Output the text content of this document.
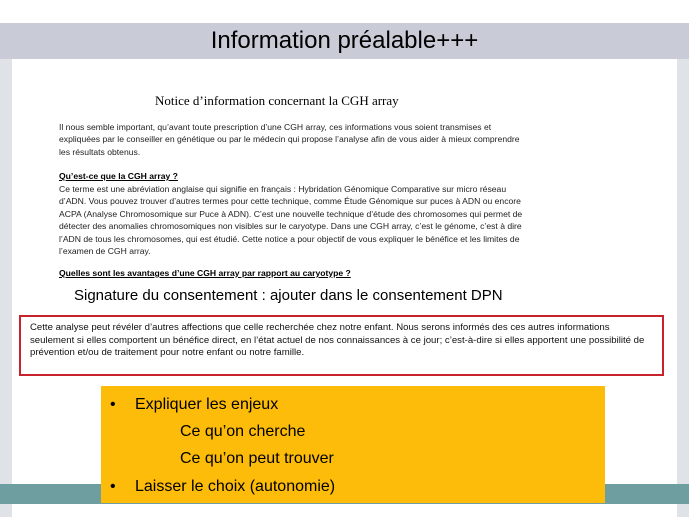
Information préalable+++
Notice d’information concernant la CGH array
Il nous semble important, qu’avant toute prescription d’une CGH array, ces informations vous soient transmises et expliquées par le conseiller en génétique ou par le médecin qui propose l’analyse afin de vous aider à mieux comprendre les résultats obtenus.
Qu’est-ce que la CGH array ?
Ce terme est une abréviation anglaise qui signifie en français : Hybridation Génomique Comparative sur micro réseau d’ADN. Vous pouvez trouver d’autres termes pour cette technique, comme Étude Génomique sur puces à ADN ou encore ACPA (Analyse Chromosomique sur Puce à ADN). C’est une nouvelle technique d’étude des chromosomes qui permet de détecter des anomalies chromosomiques non visibles sur le caryotype. Dans une CGH array, c’est le génome, c’est à dire l’ADN de tous les chromosomes, qui est étudié. Cette notice a pour objectif de vous expliquer le bénéfice et les limites de l’examen de CGH array.
Quelles sont les avantages d’une CGH array par rapport au caryotype ?
Signature du consentement : ajouter dans le consentement DPN
Cette analyse peut révéler d’autres affections que celle recherchée chez notre enfant. Nous serons informés des ces autres informations seulement si elles comportent un bénéfice direct, en l’état actuel de nos connaissances à ce jour; c’est-à-dire si elles apportent une possibilité de prévention et/ou de traitement pour notre enfant ou notre famille.
• Expliquer les enjeux
Ce qu’on cherche
Ce qu’on peut trouver
• Laisser le choix (autonomie)
